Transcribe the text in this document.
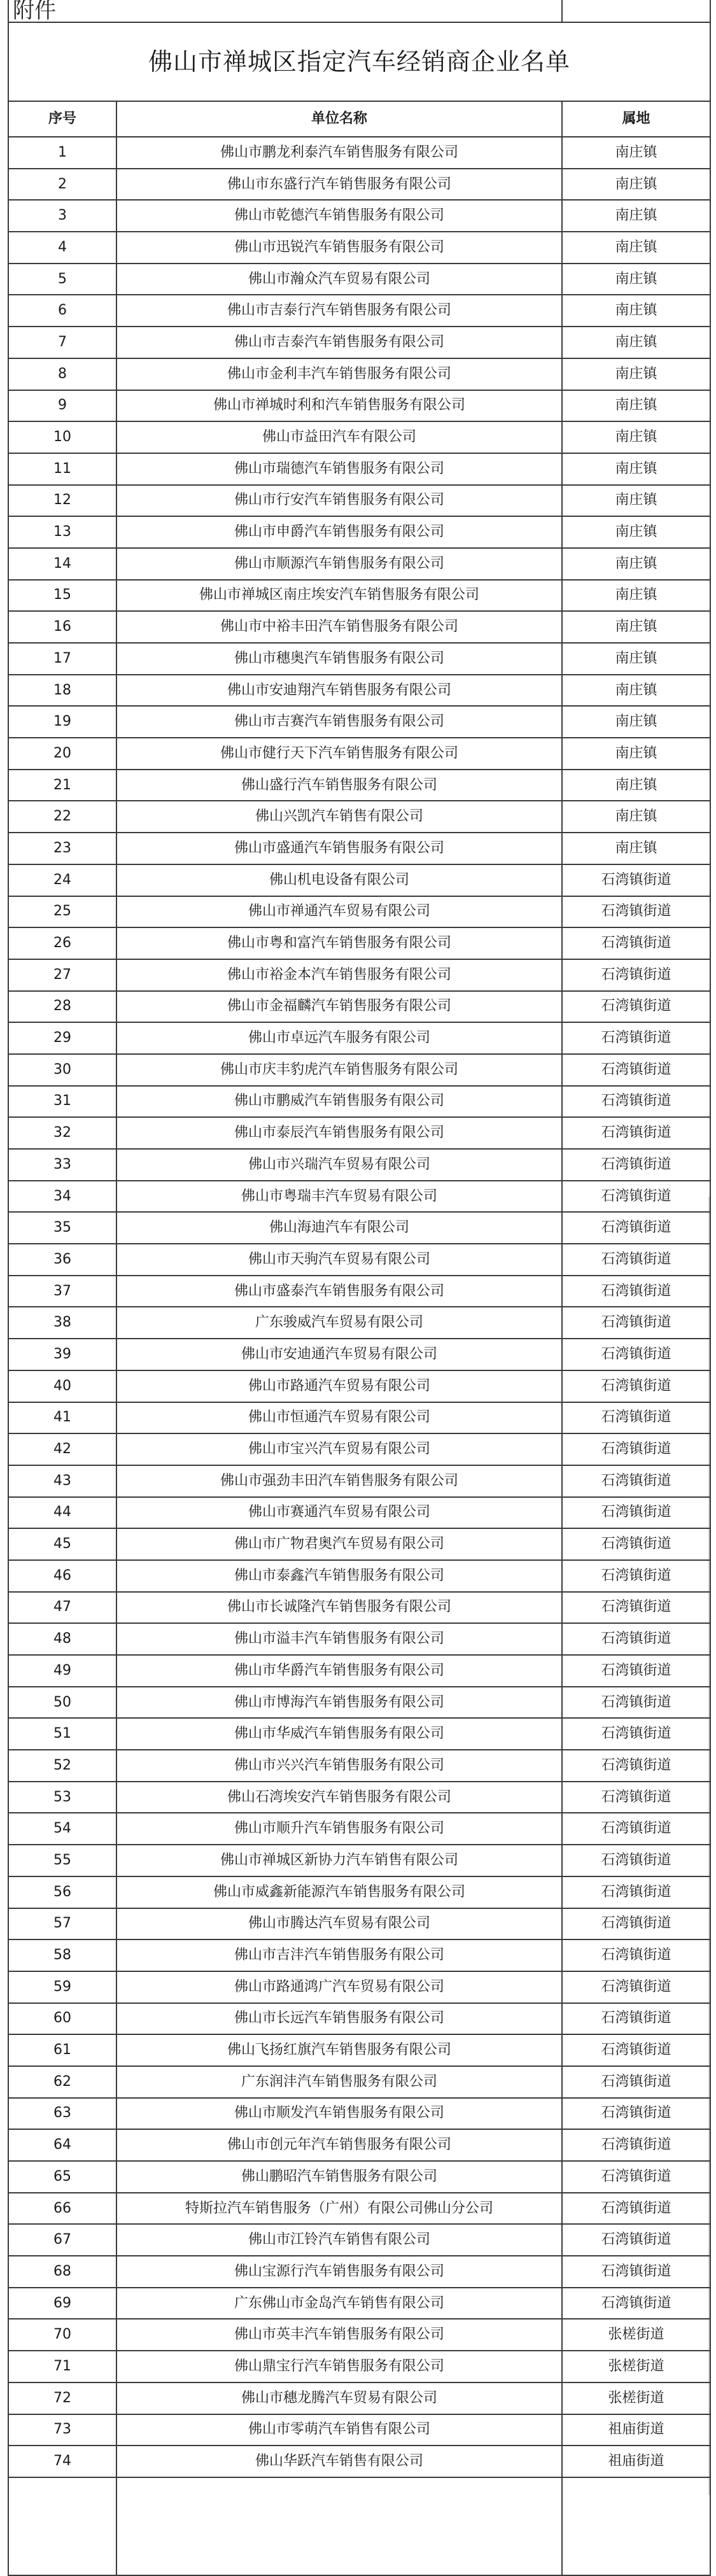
附件		
佛山市禅城区指定汽车经销商企业名单		
序号	单位名称	属地
1	佛山市鹏龙利泰汽车销售服务有限公司	南庄镇
2	佛山市东盛行汽车销售服务有限公司	南庄镇
3	佛山市乾德汽车销售服务有限公司	南庄镇
4	佛山市迅锐汽车销售服务有限公司	南庄镇
5	佛山市瀚众汽车贸易有限公司	南庄镇
6	佛山市吉泰行汽车销售服务有限公司	南庄镇
7	佛山市吉泰汽车销售服务有限公司	南庄镇
8	佛山市金利丰汽车销售服务有限公司	南庄镇
9	佛山市禅城时利和汽车销售服务有限公司	南庄镇
10	佛山市益田汽车有限公司	南庄镇
11	佛山市瑞德汽车销售服务有限公司	南庄镇
12	佛山市行安汽车销售服务有限公司	南庄镇
13	佛山市申爵汽车销售服务有限公司	南庄镇
14	佛山市顺源汽车销售服务有限公司	南庄镇
15	佛山市禅城区南庄埃安汽车销售服务有限公司	南庄镇
16	佛山市中裕丰田汽车销售服务有限公司	南庄镇
17	佛山市穗奥汽车销售服务有限公司	南庄镇
18	佛山市安迪翔汽车销售服务有限公司	南庄镇
19	佛山市吉赛汽车销售服务有限公司	南庄镇
20	佛山市健行天下汽车销售服务有限公司	南庄镇
21	佛山盛行汽车销售服务有限公司	南庄镇
22	佛山兴凯汽车销售有限公司	南庄镇
23	佛山市盛通汽车销售服务有限公司	南庄镇
24	佛山机电设备有限公司	石湾镇街道
25	佛山市禅通汽车贸易有限公司	石湾镇街道
26	佛山市粤和富汽车销售服务有限公司	石湾镇街道
27	佛山市裕金本汽车销售服务有限公司	石湾镇街道
28	佛山市金福麟汽车销售服务有限公司	石湾镇街道
29	佛山市卓远汽车服务有限公司	石湾镇街道
30	佛山市庆丰豹虎汽车销售服务有限公司	石湾镇街道
31	佛山市鹏威汽车销售服务有限公司	石湾镇街道
32	佛山市泰辰汽车销售服务有限公司	石湾镇街道
33	佛山市兴瑞汽车贸易有限公司	石湾镇街道
34	佛山市粤瑞丰汽车贸易有限公司	石湾镇街道
35	佛山海迪汽车有限公司	石湾镇街道
36	佛山市天驹汽车贸易有限公司	石湾镇街道
37	佛山市盛泰汽车销售服务有限公司	石湾镇街道
38	广东骏威汽车贸易有限公司	石湾镇街道
39	佛山市安迪通汽车贸易有限公司	石湾镇街道
40	佛山市路通汽车贸易有限公司	石湾镇街道
41	佛山市恒通汽车贸易有限公司	石湾镇街道
42	佛山市宝兴汽车贸易有限公司	石湾镇街道
43	佛山市强劲丰田汽车销售服务有限公司	石湾镇街道
44	佛山市赛通汽车贸易有限公司	石湾镇街道
45	佛山市广物君奥汽车贸易有限公司	石湾镇街道
46	佛山市泰鑫汽车销售服务有限公司	石湾镇街道
47	佛山市长诚隆汽车销售服务有限公司	石湾镇街道
48	佛山市溢丰汽车销售服务有限公司	石湾镇街道
49	佛山市华爵汽车销售服务有限公司	石湾镇街道
50	佛山市博海汽车销售服务有限公司	石湾镇街道
51	佛山市华威汽车销售服务有限公司	石湾镇街道
52	佛山市兴兴汽车销售服务有限公司	石湾镇街道
53	佛山石湾埃安汽车销售服务有限公司	石湾镇街道
54	佛山市顺升汽车销售服务有限公司	石湾镇街道
55	佛山市禅城区新协力汽车销售有限公司	石湾镇街道
56	佛山市威鑫新能源汽车销售服务有限公司	石湾镇街道
57	佛山市腾达汽车贸易有限公司	石湾镇街道
58	佛山市吉沣汽车销售服务有限公司	石湾镇街道
59	佛山市路通鸿广汽车贸易有限公司	石湾镇街道
60	佛山市长远汽车销售服务有限公司	石湾镇街道
61	佛山飞扬红旗汽车销售服务有限公司	石湾镇街道
62	广东润沣汽车销售服务有限公司	石湾镇街道
63	佛山市顺发汽车销售服务有限公司	石湾镇街道
64	佛山市创元年汽车销售服务有限公司	石湾镇街道
65	佛山鹏昭汽车销售服务有限公司	石湾镇街道
66	特斯拉汽车销售服务（广州）有限公司佛山分公司	石湾镇街道
67	佛山市江铃汽车销售有限公司	石湾镇街道
68	佛山宝源行汽车销售服务有限公司	石湾镇街道
69	广东佛山市金岛汽车销售有限公司	石湾镇街道
70	佛山市英丰汽车销售服务有限公司	张槎街道
71	佛山鼎宝行汽车销售服务有限公司	张槎街道
72	佛山市穗龙腾汽车贸易有限公司	张槎街道
73	佛山市零萌汽车销售有限公司	祖庙街道
74	佛山华跃汽车销售有限公司	祖庙街道
